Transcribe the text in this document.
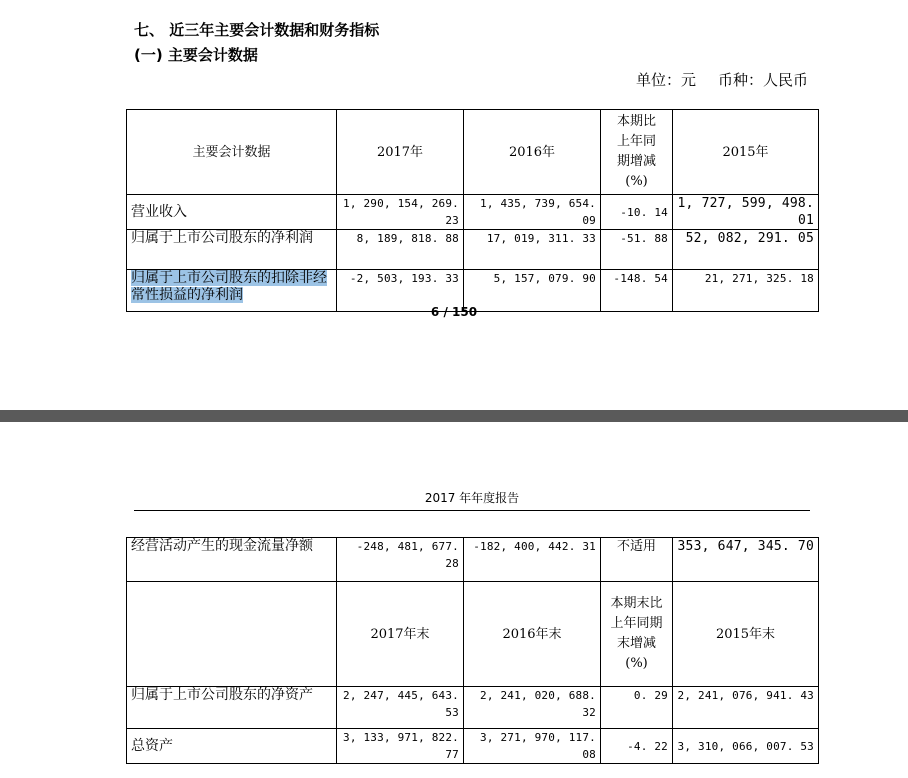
七、 近三年主要会计数据和财务指标
(一) 主要会计数据
单位：元 币种：人民币
主要会计数据	2017年	2016年	本期比上年同期增减(%)	2015年
营业收入	1, 290, 154, 269. 23	1, 435, 739, 654. 09	-10. 14	1, 727, 599, 498. 01
归属于上市公司股东的净利润	8, 189, 818. 88	17, 019, 311. 33	-51. 88	52, 082, 291. 05
归属于上市公司股东的扣除非经常性损益的净利润	-2, 503, 193. 33	5, 157, 079. 90	-148. 54	21, 271, 325. 18
6 / 150
2017 年年度报告
经营活动产生的现金流量净额	-248, 481, 677. 28	-182, 400, 442. 31	不适用	353, 647, 345. 70
	2017年末	2016年末	本期末比上年同期末增减(%)	2015年末
归属于上市公司股东的净资产	2, 247, 445, 643. 53	2, 241, 020, 688. 32	0. 29	2, 241, 076, 941. 43
总资产	3, 133, 971, 822. 77	3, 271, 970, 117. 08	-4. 22	3, 310, 066, 007. 53
